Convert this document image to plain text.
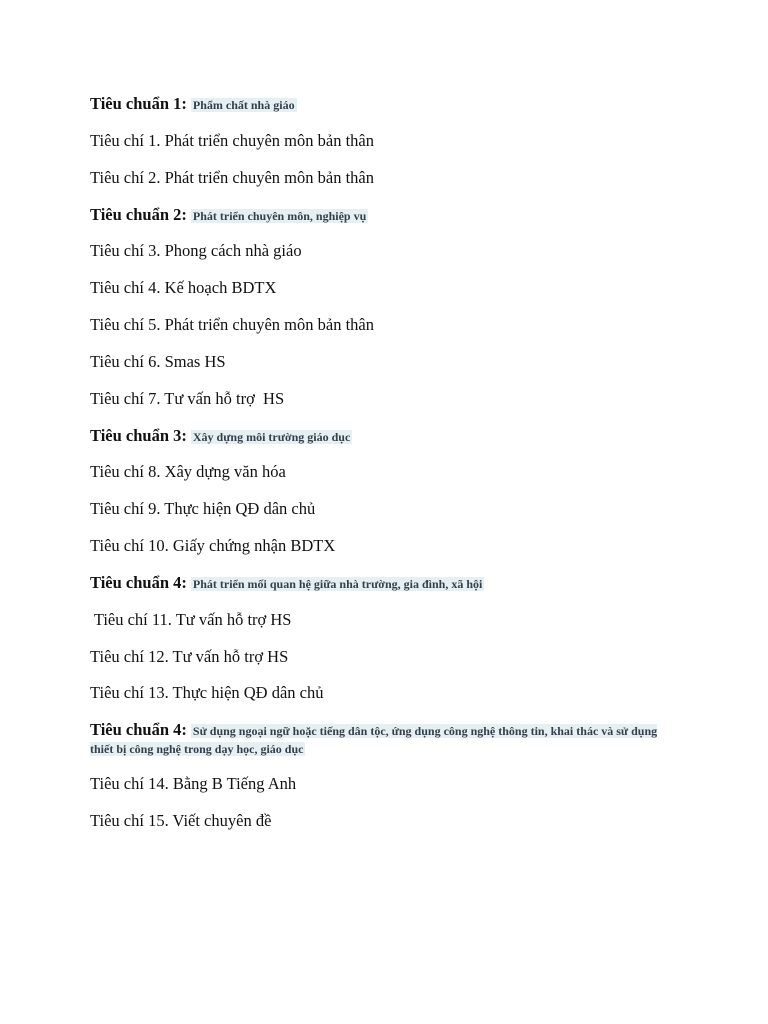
Tiêu chuẩn 1: Phẩm chất nhà giáo
Tiêu chí 1. Phát triển chuyên môn bản thân
Tiêu chí 2. Phát triển chuyên môn bản thân
Tiêu chuẩn 2: Phát triển chuyên môn, nghiệp vụ
Tiêu chí 3. Phong cách nhà giáo
Tiêu chí 4. Kế hoạch BDTX
Tiêu chí 5. Phát triển chuyên môn bản thân
Tiêu chí 6. Smas HS
Tiêu chí 7. Tư vấn hỗ trợ  HS
Tiêu chuẩn 3: Xây dựng môi trường giáo dục
Tiêu chí 8. Xây dựng văn hóa
Tiêu chí 9. Thực hiện QĐ dân chủ
Tiêu chí 10. Giấy chứng nhận BDTX
Tiêu chuẩn 4: Phát triển mối quan hệ giữa nhà trường, gia đình, xã hội
Tiêu chí 11. Tư vấn hỗ trợ HS
Tiêu chí 12. Tư vấn hỗ trợ HS
Tiêu chí 13. Thực hiện QĐ dân chủ
Tiêu chuẩn 4: Sử dụng ngoại ngữ hoặc tiếng dân tộc, ứng dụng công nghệ thông tin, khai thác và sử dụng thiết bị công nghệ trong dạy học, giáo dục
Tiêu chí 14. Bằng B Tiếng Anh
Tiêu chí 15. Viết chuyên đề
